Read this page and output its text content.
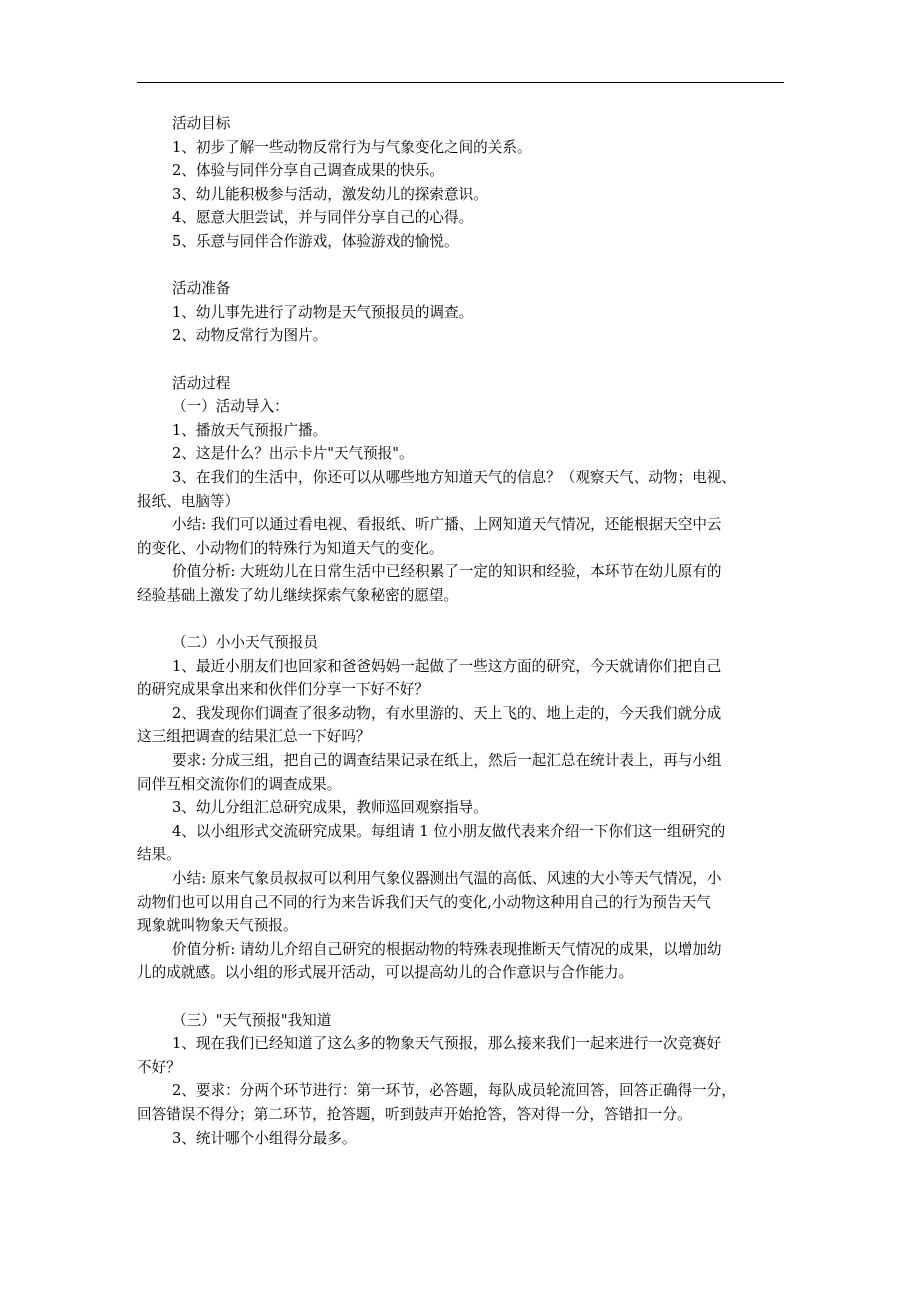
活动目标
1、初步了解一些动物反常行为与气象变化之间的关系。
2、体验与同伴分享自己调查成果的快乐。
3、幼儿能积极参与活动，激发幼儿的探索意识。
4、愿意大胆尝试，并与同伴分享自己的心得。
5、乐意与同伴合作游戏，体验游戏的愉悦。
活动准备
1、幼儿事先进行了动物是天气预报员的调查。
2、动物反常行为图片。
活动过程
（一）活动导入：
1、播放天气预报广播。
2、这是什么？出示卡片"天气预报"。
3、在我们的生活中，你还可以从哪些地方知道天气的信息？（观察天气、动物；电视、
报纸、电脑等）
小结: 我们可以通过看电视、看报纸、听广播、上网知道天气情况，还能根据天空中云
的变化、小动物们的特殊行为知道天气的变化。
价值分析: 大班幼儿在日常生活中已经积累了一定的知识和经验，本环节在幼儿原有的
经验基础上激发了幼儿继续探索气象秘密的愿望。
（二）小小天气预报员
1、最近小朋友们也回家和爸爸妈妈一起做了一些这方面的研究，今天就请你们把自己
的研究成果拿出来和伙伴们分享一下好不好？
2、我发现你们调查了很多动物，有水里游的、天上飞的、地上走的，今天我们就分成
这三组把调查的结果汇总一下好吗？
要求: 分成三组，把自己的调查结果记录在纸上，然后一起汇总在统计表上，再与小组
同伴互相交流你们的调查成果。
3、幼儿分组汇总研究成果，教师巡回观察指导。
4、以小组形式交流研究成果。每组请 1 位小朋友做代表来介绍一下你们这一组研究的
结果。
小结: 原来气象员叔叔可以利用气象仪器测出气温的高低、风速的大小等天气情况，小
动物们也可以用自己不同的行为来告诉我们天气的变化,小动物这种用自己的行为预告天气
现象就叫物象天气预报。
价值分析: 请幼儿介绍自己研究的根据动物的特殊表现推断天气情况的成果，以增加幼
儿的成就感。以小组的形式展开活动，可以提高幼儿的合作意识与合作能力。
（三）"天气预报"我知道
1、现在我们已经知道了这么多的物象天气预报，那么接来我们一起来进行一次竞赛好
不好？
2、要求：分两个环节进行：第一环节，必答题，每队成员轮流回答，回答正确得一分，
回答错误不得分；第二环节，抢答题，听到鼓声开始抢答，答对得一分，答错扣一分。
3、统计哪个小组得分最多。
